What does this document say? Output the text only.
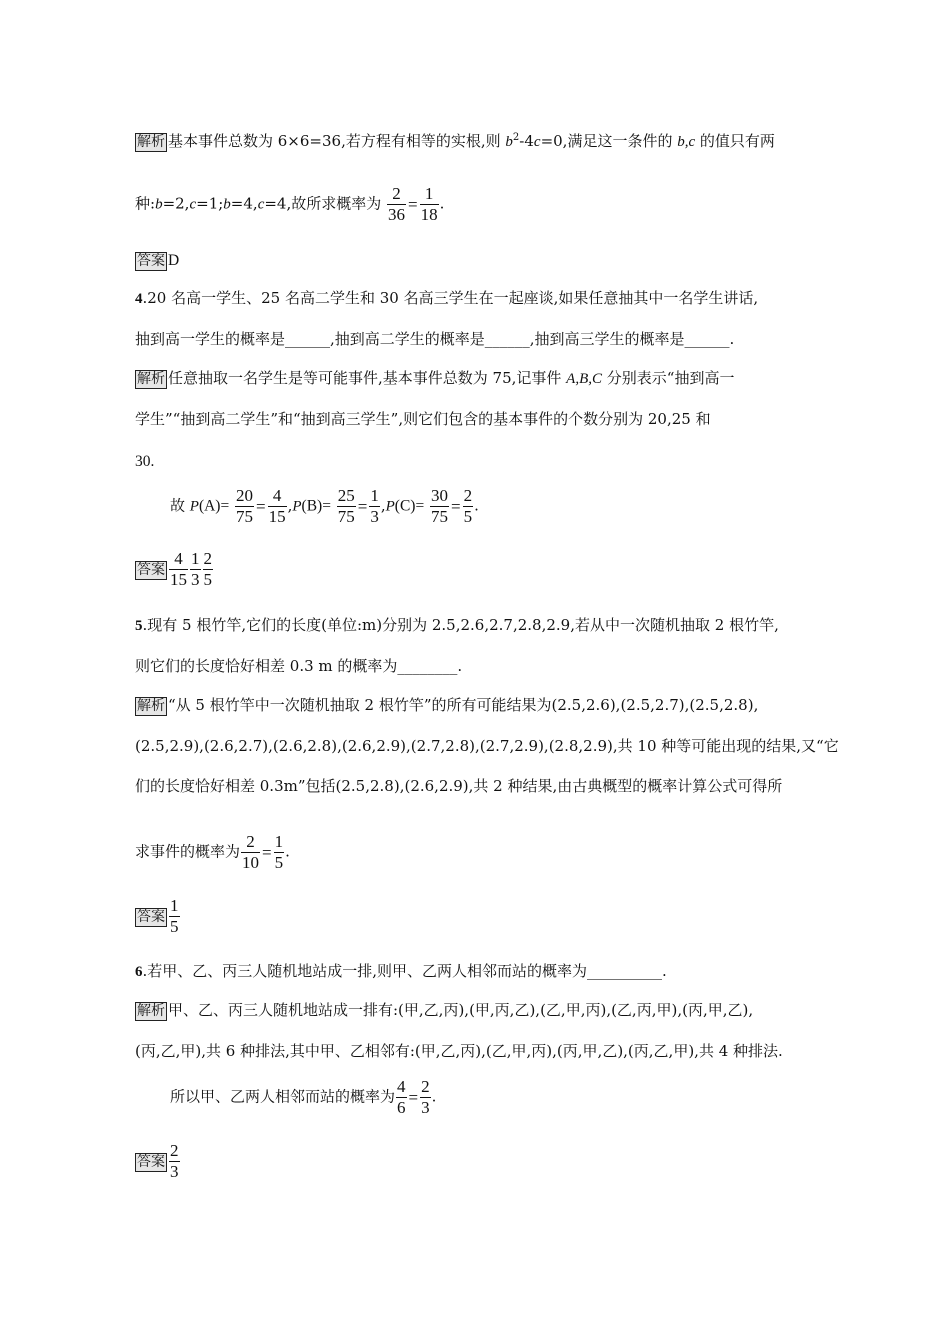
解析 基本事件总数为 6×6=36,若方程有相等的实根,则 $b^2-4c=0$,满足这一条件的 b,c 的值只有两
种:b=2,c=1;b=4,c=4,故所求概率为 $\frac{2}{36} = \frac{1}{18}$ .
答案 D
4.20 名高一学生、25 名高二学生和 30 名高三学生在一起座谈,如果任意抽其中一名学生讲话,
抽到高一学生的概率是______,抽到高二学生的概率是______,抽到高三学生的概率是______.
解析 任意抽取一名学生是等可能事件,基本事件总数为 75,记事件 A,B,C 分别表示“抽到高一
学生”“抽到高二学生”和“抽到高三学生”,则它们包含的基本事件的个数分别为 20,25 和
30.
故 $P(A)= \frac{20}{75} = \frac{4}{15} ,P(B)= \frac{25}{75} = \frac{1}{3} ,P(C)= \frac{30}{75} = \frac{2}{5}$ .
答案 $\frac{4}{15} \frac{1}{3} \frac{2}{5}$
5.现有 5 根竹竿,它们的长度(单位:m)分别为 2.5,2.6,2.7,2.8,2.9,若从中一次随机抽取 2 根竹竿,
则它们的长度恰好相差 0.3 m 的概率为________.
解析 “从 5 根竹竿中一次随机抽取 2 根竹竿”的所有可能结果为(2.5,2.6),(2.5,2.7),(2.5,2.8),
(2.5,2.9),(2.6,2.7),(2.6,2.8),(2.6,2.9),(2.7,2.8),(2.7,2.9),(2.8,2.9),共 10 种等可能出现的结果,又“它
们的长度恰好相差 0.3m”包括(2.5,2.8),(2.6,2.9),共 2 种结果,由古典概型的概率计算公式可得所
求事件的概率为 $\frac{2}{10} = \frac{1}{5}$ .
答案 $\frac{1}{5}$
6.若甲、乙、丙三人随机地站成一排,则甲、乙两人相邻而站的概率为__________.
解析 甲、乙、丙三人随机地站成一排有:(甲,乙,丙),(甲,丙,乙),(乙,甲,丙),(乙,丙,甲),(丙,甲,乙),
(丙,乙,甲),共 6 种排法,其中甲、乙相邻有:(甲,乙,丙),(乙,甲,丙),(丙,甲,乙),(丙,乙,甲),共 4 种排法.
所以甲、乙两人相邻而站的概率为 $\frac{4}{6} = \frac{2}{3}$ .
答案 $\frac{2}{3}$
